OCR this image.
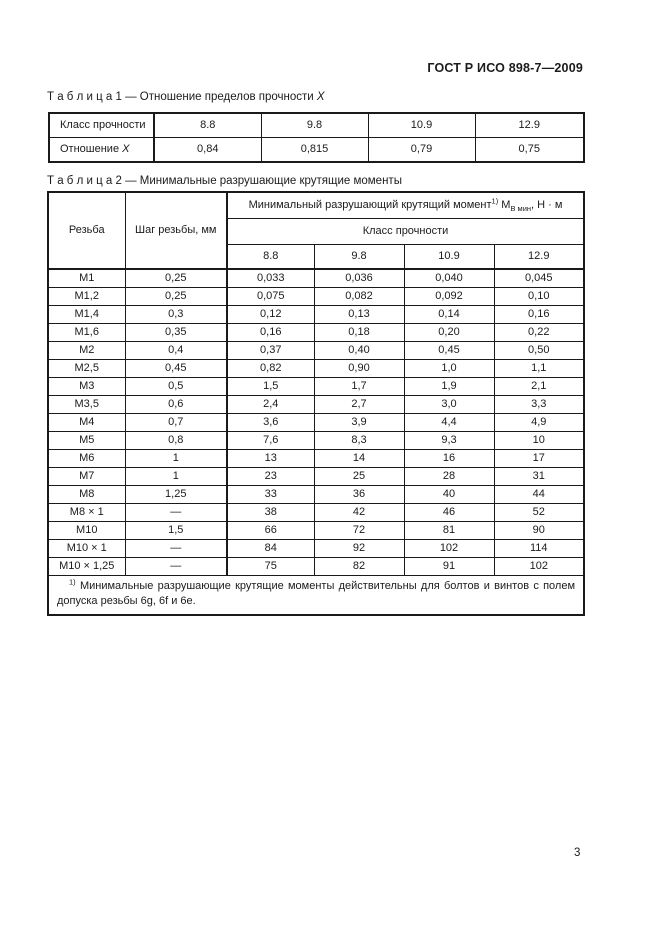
ГОСТ Р ИСО 898-7—2009
Т а б л и ц а 1 — Отношение пределов прочности X
Класс прочности	8.8	9.8	10.9	12.9
Отношение X	0,84	0,815	0,79	0,75
Т а б л и ц а 2 — Минимальные разрушающие крутящие моменты
Резьба	Шаг резьбы, мм	Минимальный разрушающий крутящий момент$^{1)}$ $М_{В мин}$, Н · м			
		Класс прочности			
		8.8	9.8	10.9	12.9
М1	0,25	0,033	0,036	0,040	0,045
М1,2	0,25	0,075	0,082	0,092	0,10
М1,4	0,3	0,12	0,13	0,14	0,16
М1,6	0,35	0,16	0,18	0,20	0,22
М2	0,4	0,37	0,40	0,45	0,50
М2,5	0,45	0,82	0,90	1,0	1,1
М3	0,5	1,5	1,7	1,9	2,1
М3,5	0,6	2,4	2,7	3,0	3,3
М4	0,7	3,6	3,9	4,4	4,9
М5	0,8	7,6	8,3	9,3	10
М6	1	13	14	16	17
М7	1	23	25	28	31
М8	1,25	33	36	40	44
М8 × 1	—	38	42	46	52
М10	1,5	66	72	81	90
М10 × 1	—	84	92	102	114
М10 × 1,25	—	75	82	91	102
$^{1)}$ Минимальные разрушающие крутящие моменты действительны для болтов и винтов с полем допуска резьбы 6g, 6f и 6е.					
3
